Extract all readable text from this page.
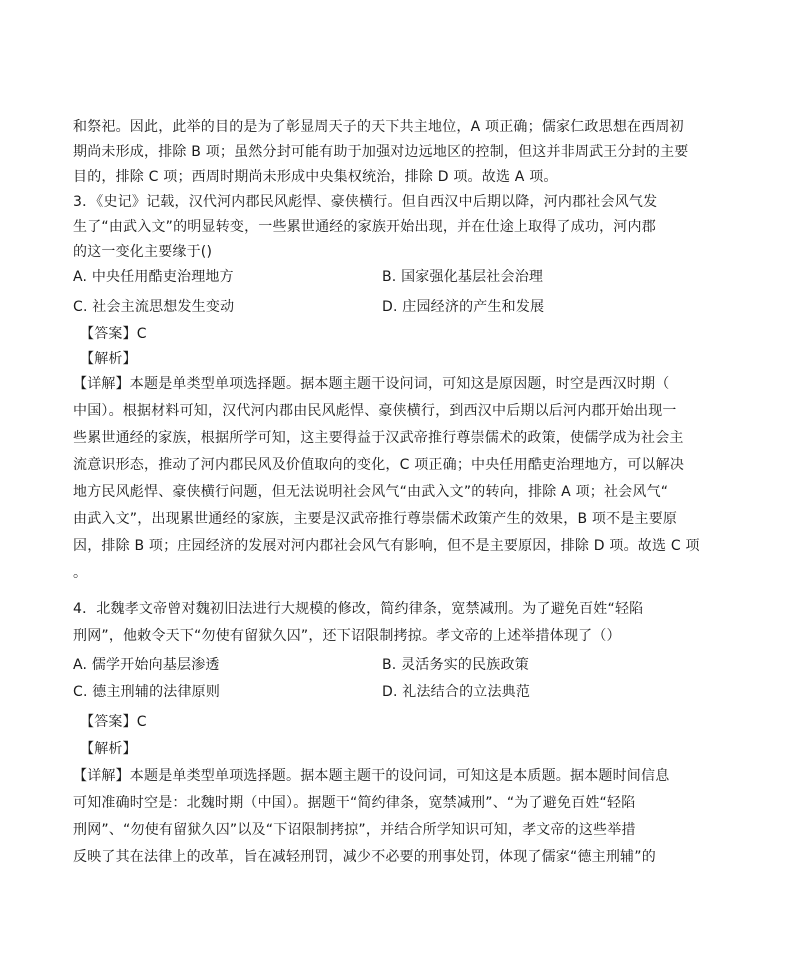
和祭祀。因此，此举的目的是为了彰显周天子的天下共主地位，A 项正确；儒家仁政思想在西周初
期尚未形成，排除 B 项；虽然分封可能有助于加强对边远地区的控制，但这并非周武王分封的主要
目的，排除 C 项；西周时期尚未形成中央集权统治，排除 D 项。故选 A 项。
3．《史记》记载，汉代河内郡民风彪悍、豪侠横行。但自西汉中后期以降，河内郡社会风气发
生了“由武入文”的明显转变，一些累世通经的家族开始出现，并在仕途上取得了成功，河内郡
的这一变化主要缘于()
A. 中央任用酷吏治理地方	B. 国家强化基层社会治理
C. 社会主流思想发生变动	D. 庄园经济的产生和发展
【答案】C
【解析】
【详解】本题是单类型单项选择题。据本题主题干设问词，可知这是原因题，时空是西汉时期（
中国）。根据材料可知，汉代河内郡由民风彪悍、豪侠横行，到西汉中后期以后河内郡开始出现一
些累世通经的家族，根据所学可知，这主要得益于汉武帝推行尊崇儒术的政策，使儒学成为社会主
流意识形态，推动了河内郡民风及价值取向的变化，C 项正确；中央任用酷吏治理地方，可以解决
地方民风彪悍、豪侠横行问题，但无法说明社会风气“由武入文”的转向，排除 A 项；社会风气“
由武入文”，出现累世通经的家族，主要是汉武帝推行尊崇儒术政策产生的效果，B 项不是主要原
因，排除 B 项；庄园经济的发展对河内郡社会风气有影响，但不是主要原因，排除 D 项。故选 C 项
。
4．北魏孝文帝曾对魏初旧法进行大规模的修改，简约律条，宽禁减刑。为了避免百姓“轻陷
刑网”，他敕令天下“勿使有留狱久囚”，还下诏限制拷掠。孝文帝的上述举措体现了（）
A. 儒学开始向基层渗透	B. 灵活务实的民族政策
C. 德主刑辅的法律原则	D. 礼法结合的立法典范
【答案】C
【解析】
【详解】本题是单类型单项选择题。据本题主题干的设问词，可知这是本质题。据本题时间信息
可知准确时空是：北魏时期（中国）。据题干“简约律条，宽禁减刑”、“为了避免百姓“轻陷
刑网”、“勿使有留狱久囚”以及“下诏限制拷掠”，并结合所学知识可知，孝文帝的这些举措
反映了其在法律上的改革，旨在减轻刑罚，减少不必要的刑事处罚，体现了儒家“德主刑辅”的
